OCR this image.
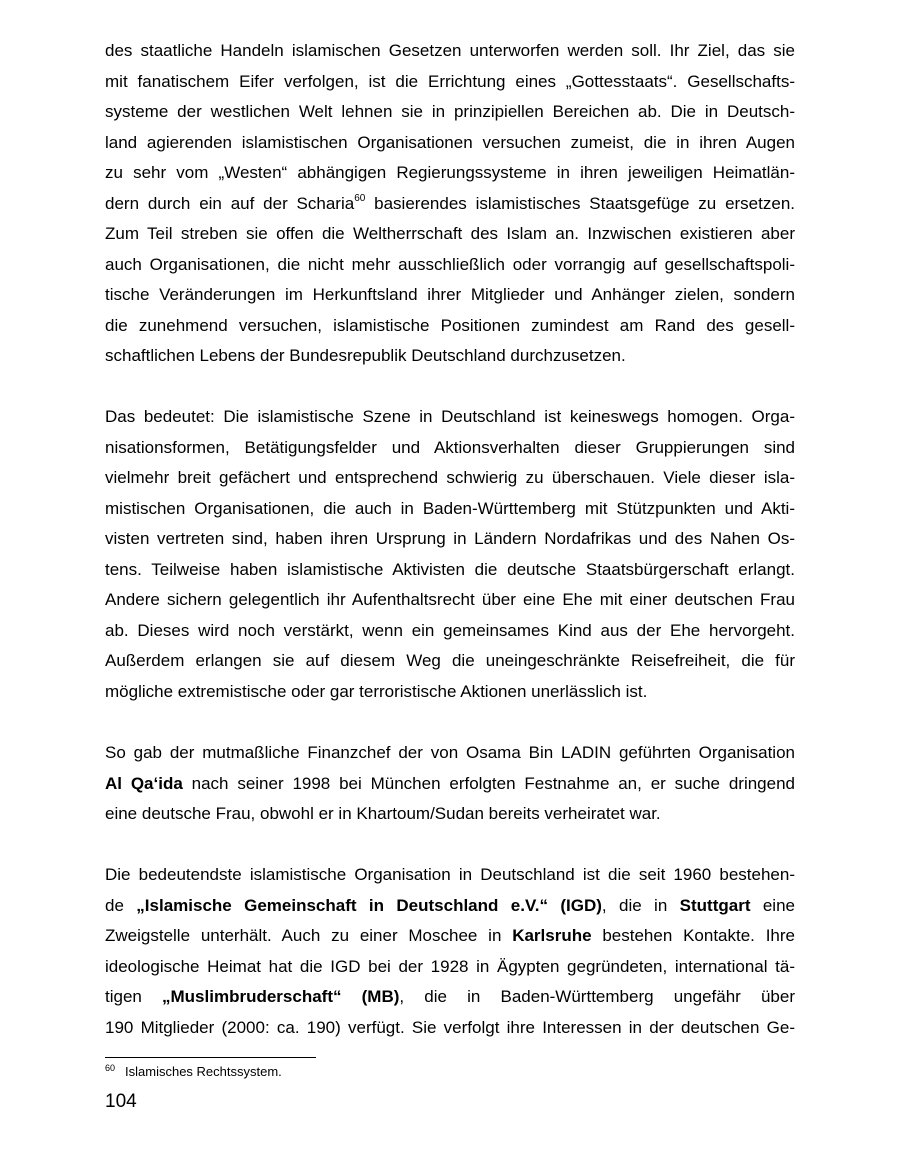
des staatliche Handeln islamischen Gesetzen unterworfen werden soll. Ihr Ziel, das sie
mit fanatischem Eifer verfolgen, ist die Errichtung eines „Gottesstaats“. Gesellschafts-
systeme der westlichen Welt lehnen sie in prinzipiellen Bereichen ab. Die in Deutsch-
land agierenden islamistischen Organisationen versuchen zumeist, die in ihren Augen
zu sehr vom „Westen“ abhängigen Regierungssysteme in ihren jeweiligen Heimatlän-
dern durch ein auf der Scharia$^{60}$ basierendes islamistisches Staatsgefüge zu ersetzen.
Zum Teil streben sie offen die Weltherrschaft des Islam an. Inzwischen existieren aber
auch Organisationen, die nicht mehr ausschließlich oder vorrangig auf gesellschaftspoli-
tische Veränderungen im Herkunftsland ihrer Mitglieder und Anhänger zielen, sondern
die zunehmend versuchen, islamistische Positionen zumindest am Rand des gesell-
schaftlichen Lebens der Bundesrepublik Deutschland durchzusetzen.
Das bedeutet: Die islamistische Szene in Deutschland ist keineswegs homogen. Orga-
nisationsformen, Betätigungsfelder und Aktionsverhalten dieser Gruppierungen sind
vielmehr breit gefächert und entsprechend schwierig zu überschauen. Viele dieser isla-
mistischen Organisationen, die auch in Baden-Württemberg mit Stützpunkten und Akti-
visten vertreten sind, haben ihren Ursprung in Ländern Nordafrikas und des Nahen Os-
tens. Teilweise haben islamistische Aktivisten die deutsche Staatsbürgerschaft erlangt.
Andere sichern gelegentlich ihr Aufenthaltsrecht über eine Ehe mit einer deutschen Frau
ab. Dieses wird noch verstärkt, wenn ein gemeinsames Kind aus der Ehe hervorgeht.
Außerdem erlangen sie auf diesem Weg die uneingeschränkte Reisefreiheit, die für
mögliche extremistische oder gar terroristische Aktionen unerlässlich ist.
So gab der mutmaßliche Finanzchef der von Osama Bin LADIN geführten Organisation
Al Qa‘ida nach seiner 1998 bei München erfolgten Festnahme an, er suche dringend
eine deutsche Frau, obwohl er in Khartoum/Sudan bereits verheiratet war.
Die bedeutendste islamistische Organisation in Deutschland ist die seit 1960 bestehen-
de „Islamische Gemeinschaft in Deutschland e.V.“ (IGD), die in Stuttgart eine
Zweigstelle unterhält. Auch zu einer Moschee in Karlsruhe bestehen Kontakte. Ihre
ideologische Heimat hat die IGD bei der 1928 in Ägypten gegründeten, international tä-
tigen „Muslimbruderschaft“ (MB), die in Baden-Württemberg ungefähr über
190 Mitglieder (2000: ca. 190) verfügt. Sie verfolgt ihre Interessen in der deutschen Ge-
$^{60}$ Islamisches Rechtssystem.
104
